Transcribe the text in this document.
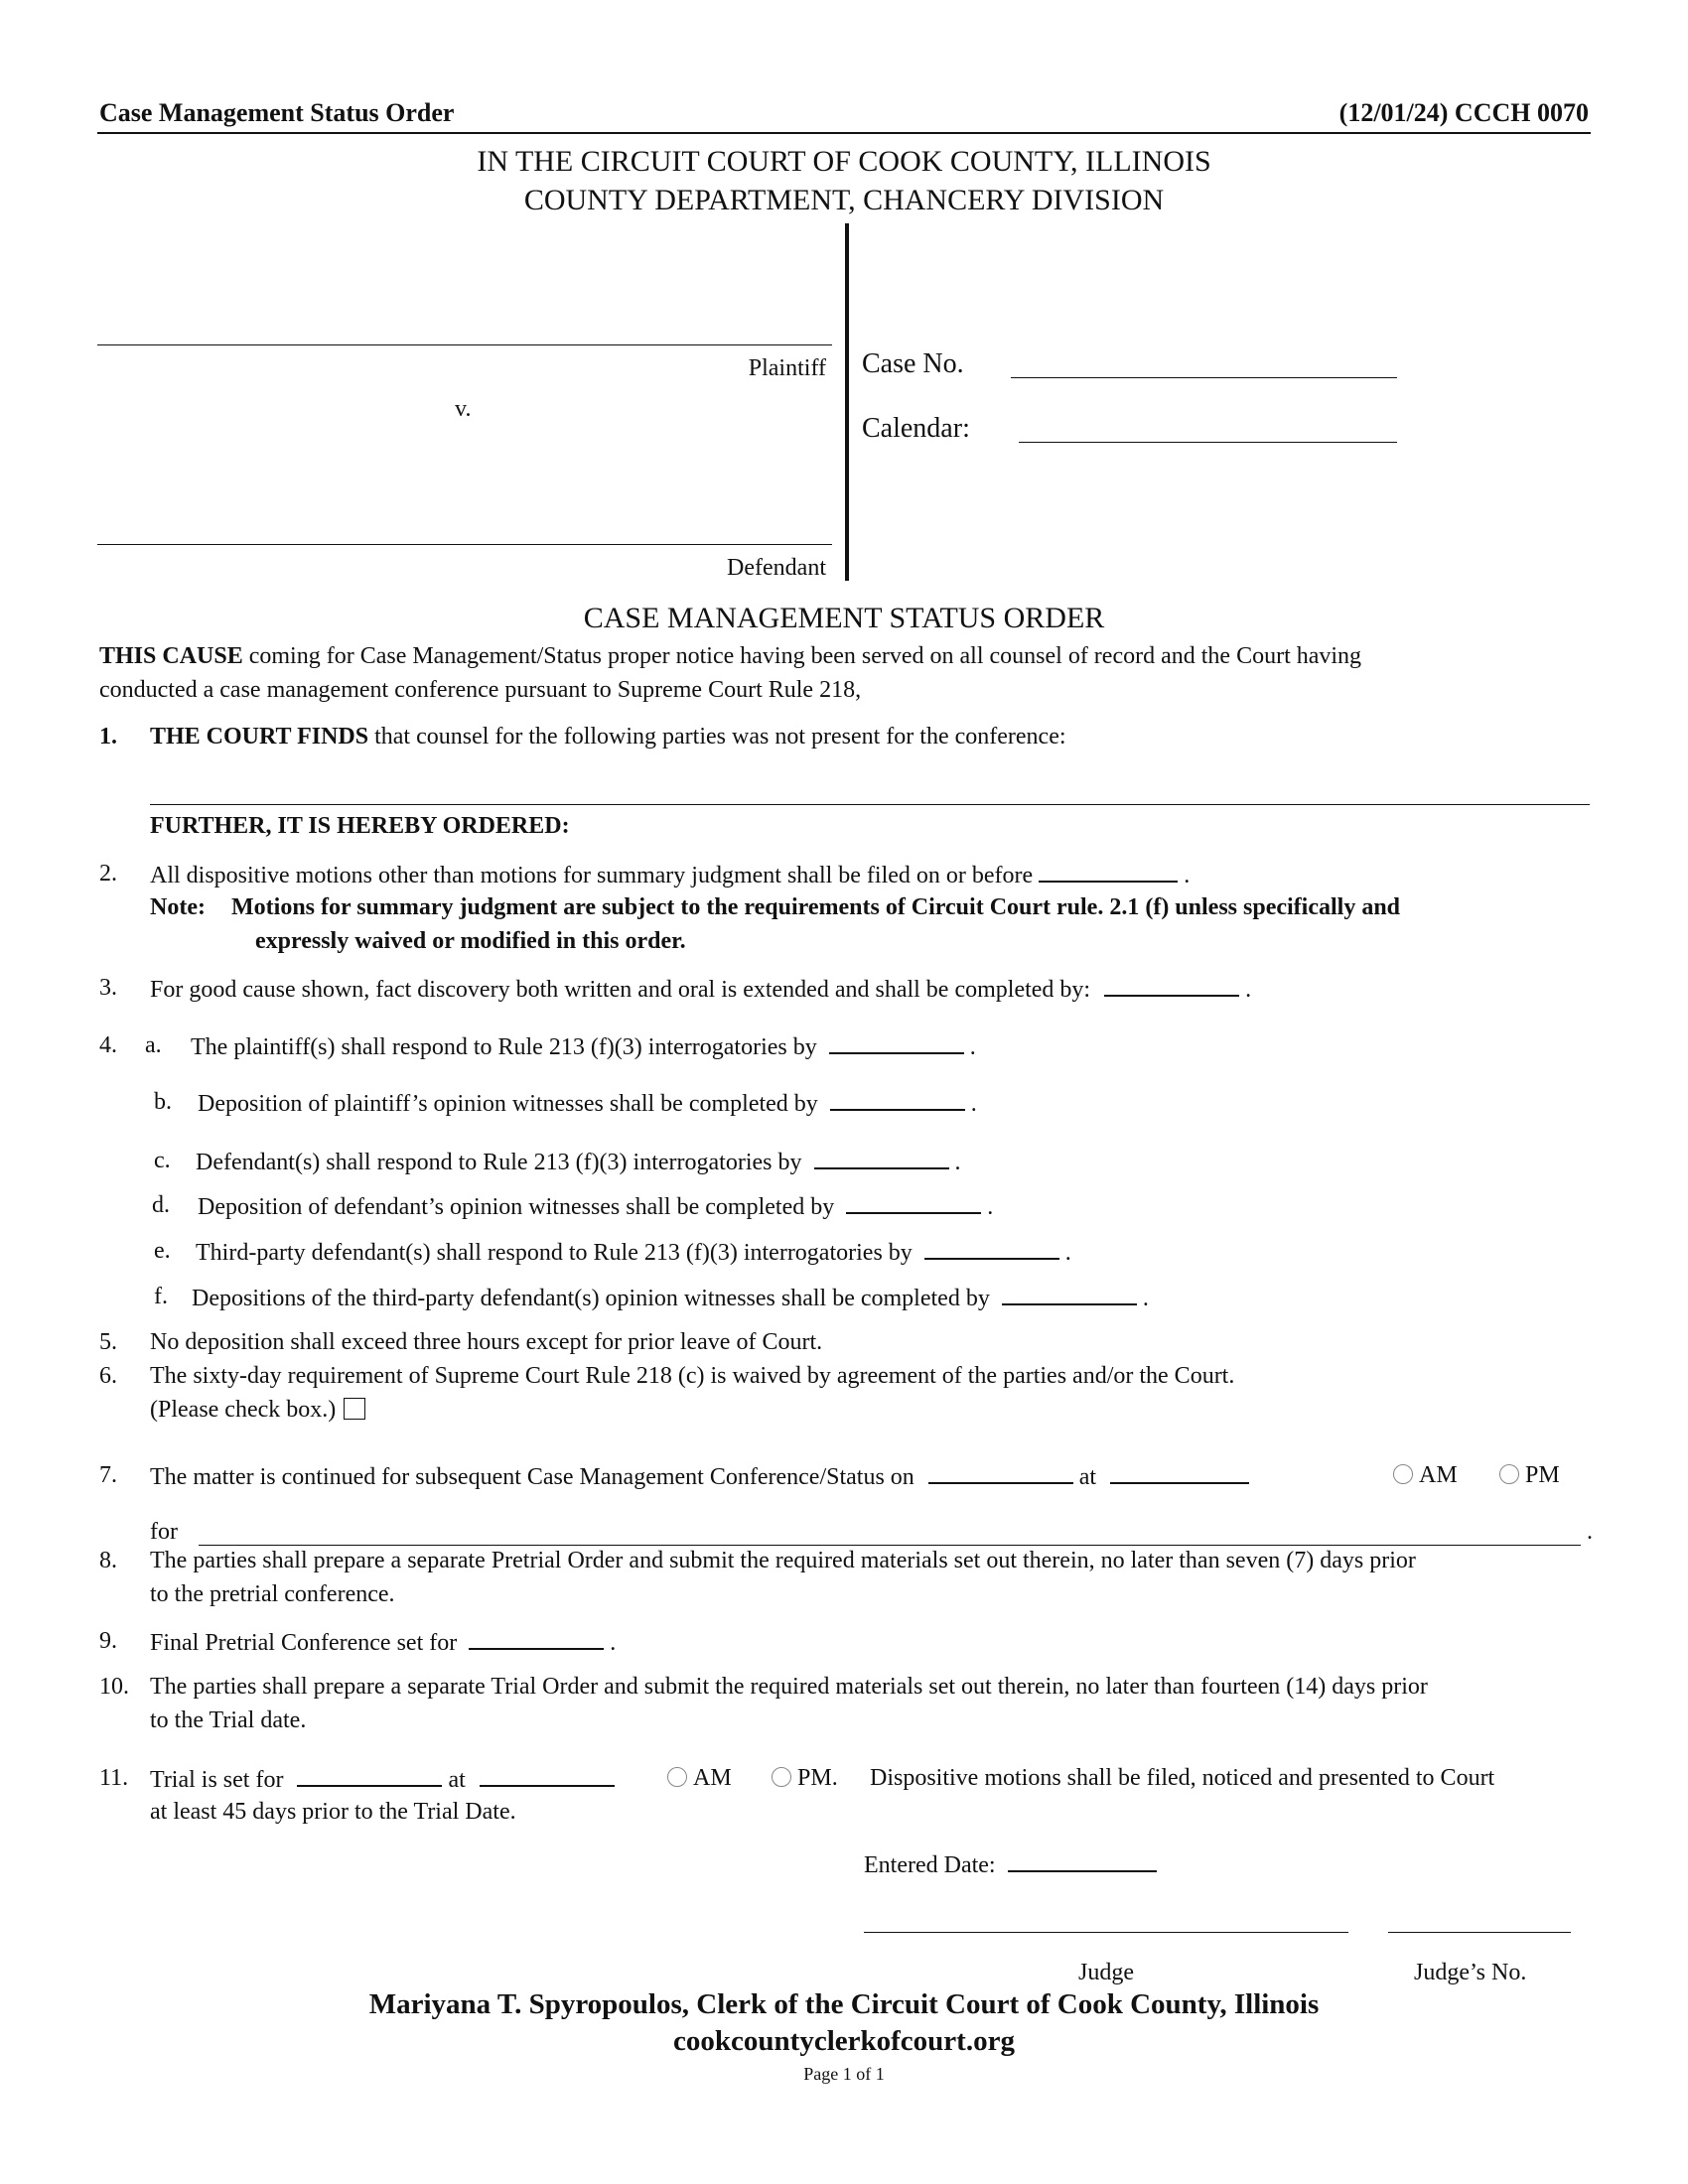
Case Management Status Order	(12/01/24) CCCH 0070
IN THE CIRCUIT COURT OF COOK COUNTY, ILLINOIS
COUNTY DEPARTMENT, CHANCERY DIVISION
Plaintiff
v.
Defendant
Case No.
Calendar:
CASE MANAGEMENT STATUS ORDER
THIS CAUSE coming for Case Management/Status proper notice having been served on all counsel of record and the Court having
conducted a case management conference pursuant to Supreme Court Rule 218,
1. THE COURT FINDS that counsel for the following parties was not present for the conference:
FURTHER, IT IS HEREBY ORDERED:
2. All dispositive motions other than motions for summary judgment shall be filed on or before	.
Note: Motions for summary judgment are subject to the requirements of Circuit Court rule. 2.1 (f) unless specifically and
expressly waived or modified in this order.
3. For good cause shown, fact discovery both written and oral is extended and shall be completed by:	.
4. a. The plaintiff(s) shall respond to Rule 213 (f)(3) interrogatories by	.
b. Deposition of plaintiff’s opinion witnesses shall be completed by	.
c. Defendant(s) shall respond to Rule 213 (f)(3) interrogatories by	.
d. Deposition of defendant’s opinion witnesses shall be completed by	.
e. Third-party defendant(s) shall respond to Rule 213 (f)(3) interrogatories by	.
f. Depositions of the third-party defendant(s) opinion witnesses shall be completed by	.
5. No deposition shall exceed three hours except for prior leave of Court.
6. The sixty-day requirement of Supreme Court Rule 218 (c) is waived by agreement of the parties and/or the Court.
(Please check box.)
7. The matter is continued for subsequent Case Management Conference/Status on	at	AM	PM
for	.
8. The parties shall prepare a separate Pretrial Order and submit the required materials set out therein, no later than seven (7) days prior
to the pretrial conference.
9. Final Pretrial Conference set for	.
10. The parties shall prepare a separate Trial Order and submit the required materials set out therein, no later than fourteen (14) days prior
to the Trial date.
11. Trial is set for	at	AM	PM. Dispositive motions shall be filed, noticed and presented to Court
at least 45 days prior to the Trial Date.
Entered Date:
Judge	Judge’s No.
Mariyana T. Spyropoulos, Clerk of the Circuit Court of Cook County, Illinois
cookcountyclerkofcourt.org
Page 1 of 1
